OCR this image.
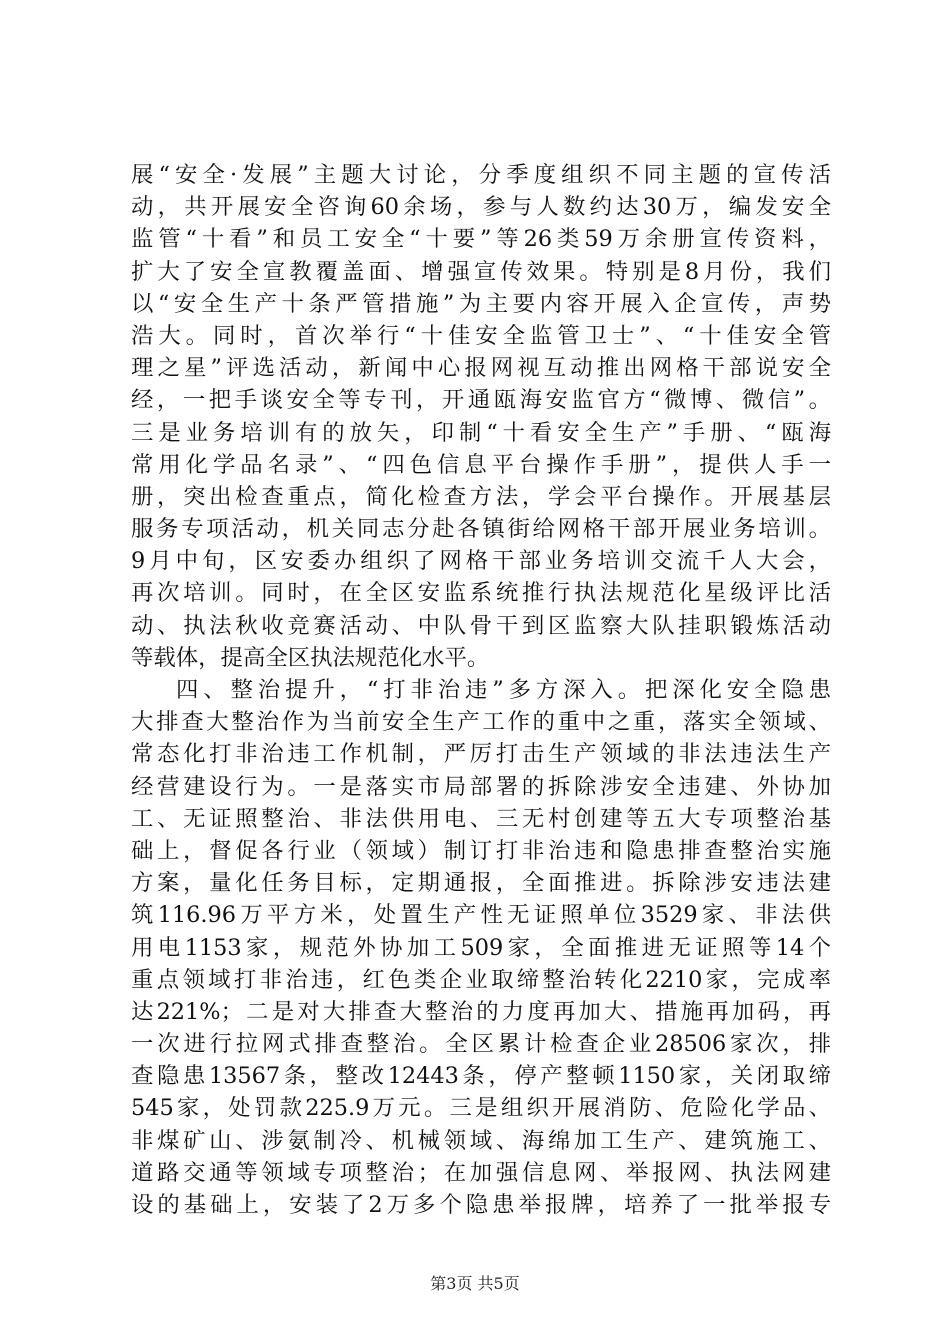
展“安全·发展”主题大讨论，分季度组织不同主题的宣传活
动，共开展安全咨询60余场，参与人数约达30万，编发安全
监管“十看”和员工安全“十要”等26类59万余册宣传资料，
扩大了安全宣教覆盖面、增强宣传效果。特别是8月份，我们
以“安全生产十条严管措施”为主要内容开展入企宣传，声势
浩大。同时，首次举行“十佳安全监管卫士”、“十佳安全管
理之星”评选活动，新闻中心报网视互动推出网格干部说安全
经，一把手谈安全等专刊，开通瓯海安监官方“微博、微信”。
三是业务培训有的放矢，印制“十看安全生产”手册、“瓯海
常用化学品名录”、“四色信息平台操作手册”，提供人手一
册，突出检查重点，简化检查方法，学会平台操作。开展基层
服务专项活动，机关同志分赴各镇街给网格干部开展业务培训。
9月中旬，区安委办组织了网格干部业务培训交流千人大会，
再次培训。同时，在全区安监系统推行执法规范化星级评比活
动、执法秋收竞赛活动、中队骨干到区监察大队挂职锻炼活动
等载体，提高全区执法规范化水平。
四、整治提升，“打非治违”多方深入。把深化安全隐患
大排查大整治作为当前安全生产工作的重中之重，落实全领域、
常态化打非治违工作机制，严厉打击生产领域的非法违法生产
经营建设行为。一是落实市局部署的拆除涉安全违建、外协加
工、无证照整治、非法供用电、三无村创建等五大专项整治基
础上，督促各行业（领域）制订打非治违和隐患排查整治实施
方案，量化任务目标，定期通报，全面推进。拆除涉安违法建
筑116.96万平方米，处置生产性无证照单位3529家、非法供
用电1153家，规范外协加工509家，全面推进无证照等14个
重点领域打非治违，红色类企业取缔整治转化2210家，完成率
达221%；二是对大排查大整治的力度再加大、措施再加码，再
一次进行拉网式排查整治。全区累计检查企业28506家次，排
查隐患13567条，整改12443条，停产整顿1150家，关闭取缔
545家，处罚款225.9万元。三是组织开展消防、危险化学品、
非煤矿山、涉氨制冷、机械领域、海绵加工生产、建筑施工、
道路交通等领域专项整治；在加强信息网、举报网、执法网建
设的基础上，安装了2万多个隐患举报牌，培养了一批举报专
第3页 共5页
